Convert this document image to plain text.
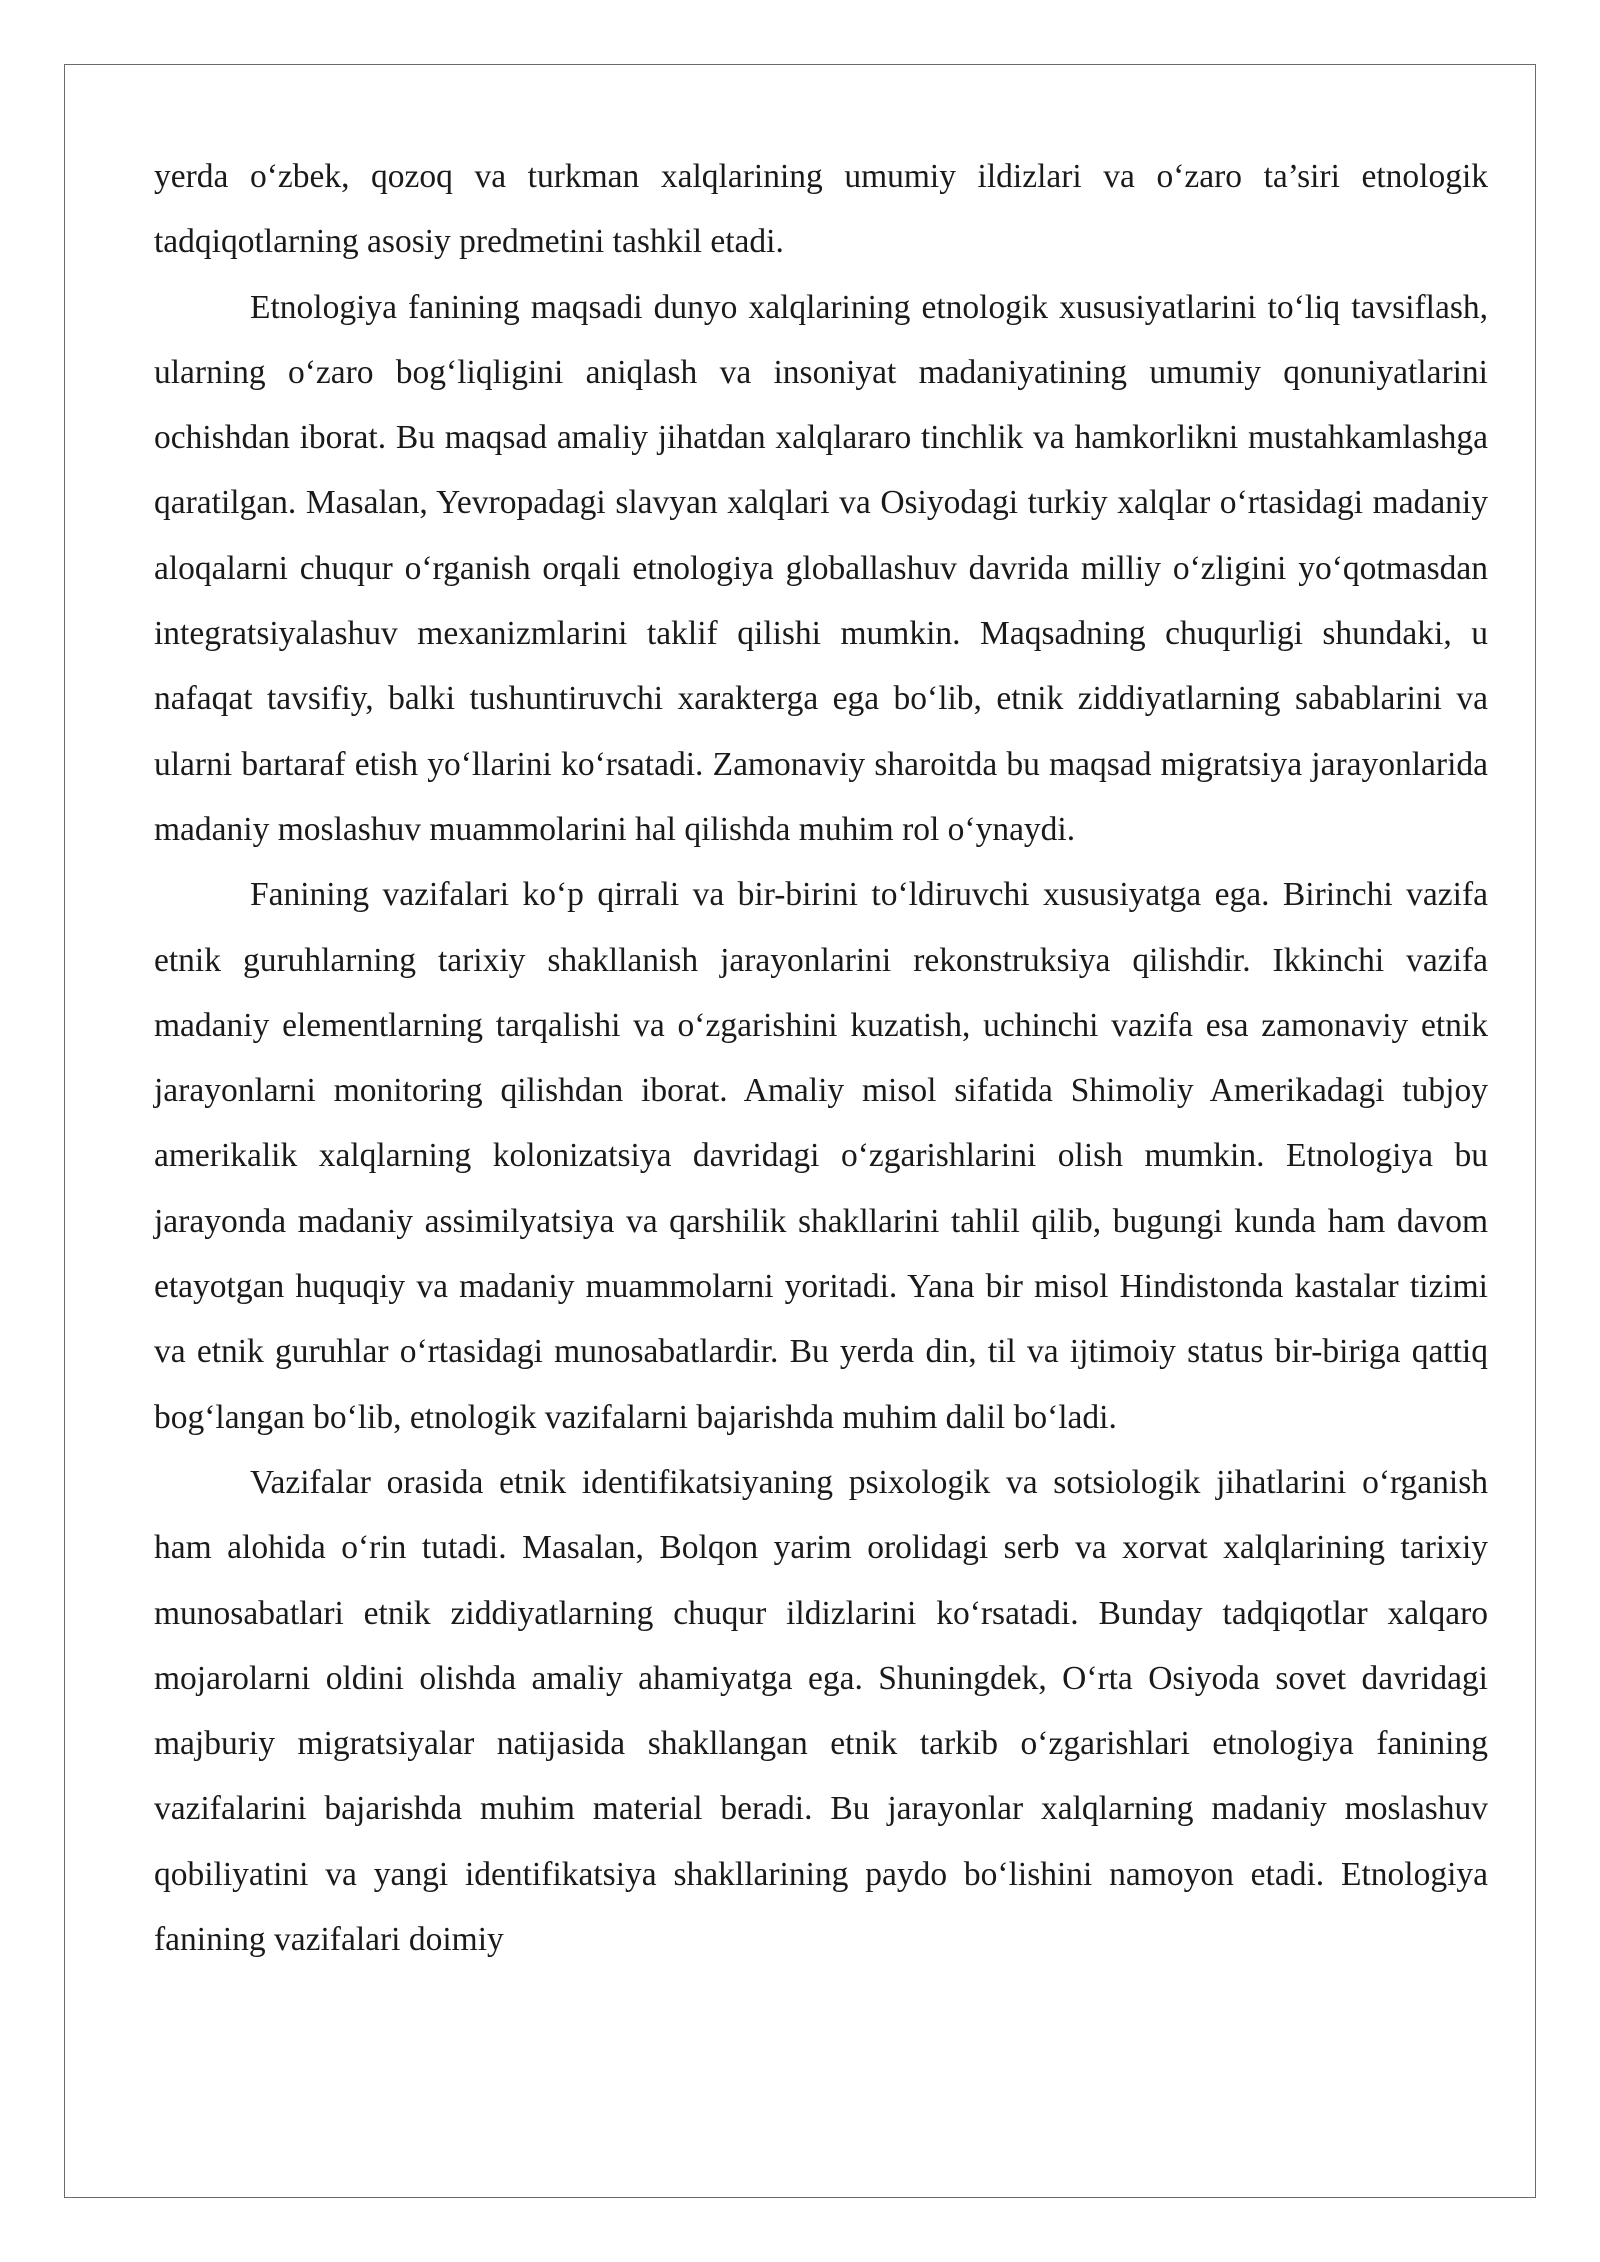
yerda o‘zbek, qozoq va turkman xalqlarining umumiy ildizlari va o‘zaro ta’siri etnologik tadqiqotlarning asosiy predmetini tashkil etadi.

Etnologiya fanining maqsadi dunyo xalqlarining etnologik xususiyatlarini to‘liq tavsiflash, ularning o‘zaro bog‘liqligini aniqlash va insoniyat madaniyatining umumiy qonuniyatlarini ochishdan iborat. Bu maqsad amaliy jihatdan xalqlararo tinchlik va hamkorlikni mustahkamlashga qaratilgan. Masalan, Yevropadagi slavyan xalqlari va Osiyodagi turkiy xalqlar o‘rtasidagi madaniy aloqalarni chuqur o‘rganish orqali etnologiya globallashuv davrida milliy o‘zligini yo‘qotmasdan integratsiyalashuv mexanizmlarini taklif qilishi mumkin. Maqsadning chuqurligi shundaki, u nafaqat tavsifiy, balki tushuntiruvchi xarakterga ega bo‘lib, etnik ziddiyatlarning sabablarini va ularni bartaraf etish yo‘llarini ko‘rsatadi. Zamonaviy sharoitda bu maqsad migratsiya jarayonlarida madaniy moslashuv muammolarini hal qilishda muhim rol o‘ynaydi.

Fanining vazifalari ko‘p qirrali va bir-birini to‘ldiruvchi xususiyatga ega. Birinchi vazifa etnik guruhlarning tarixiy shakllanish jarayonlarini rekonstruksiya qilishdir. Ikkinchi vazifa madaniy elementlarning tarqalishi va o‘zgarishini kuzatish, uchinchi vazifa esa zamonaviy etnik jarayonlarni monitoring qilishdan iborat. Amaliy misol sifatida Shimoliy Amerikadagi tubjoy amerikalik xalqlarning kolonizatsiya davridagi o‘zgarishlarini olish mumkin. Etnologiya bu jarayonda madaniy assimilyatsiya va qarshilik shakllarini tahlil qilib, bugungi kunda ham davom etayotgan huquqiy va madaniy muammolarni yoritadi. Yana bir misol Hindistonda kastalar tizimi va etnik guruhlar o‘rtasidagi munosabatlardir. Bu yerda din, til va ijtimoiy status bir-biriga qattiq bog‘langan bo‘lib, etnologik vazifalarni bajarishda muhim dalil bo‘ladi.

Vazifalar orasida etnik identifikatsiyaning psixologik va sotsiologik jihatlarini o‘rganish ham alohida o‘rin tutadi. Masalan, Bolqon yarim orolidagi serb va xorvat xalqlarining tarixiy munosabatlari etnik ziddiyatlarning chuqur ildizlarini ko‘rsatadi. Bunday tadqiqotlar xalqaro mojarolarni oldini olishda amaliy ahamiyatga ega. Shuningdek, O‘rta Osiyoda sovet davridagi majburiy migratsiyalar natijasida shakllangan etnik tarkib o‘zgarishlari etnologiya fanining vazifalarini bajarishda muhim material beradi. Bu jarayonlar xalqlarning madaniy moslashuv qobiliyatini va yangi identifikatsiya shakllarining paydo bo‘lishini namoyon etadi. Etnologiya fanining vazifalari doimiy
